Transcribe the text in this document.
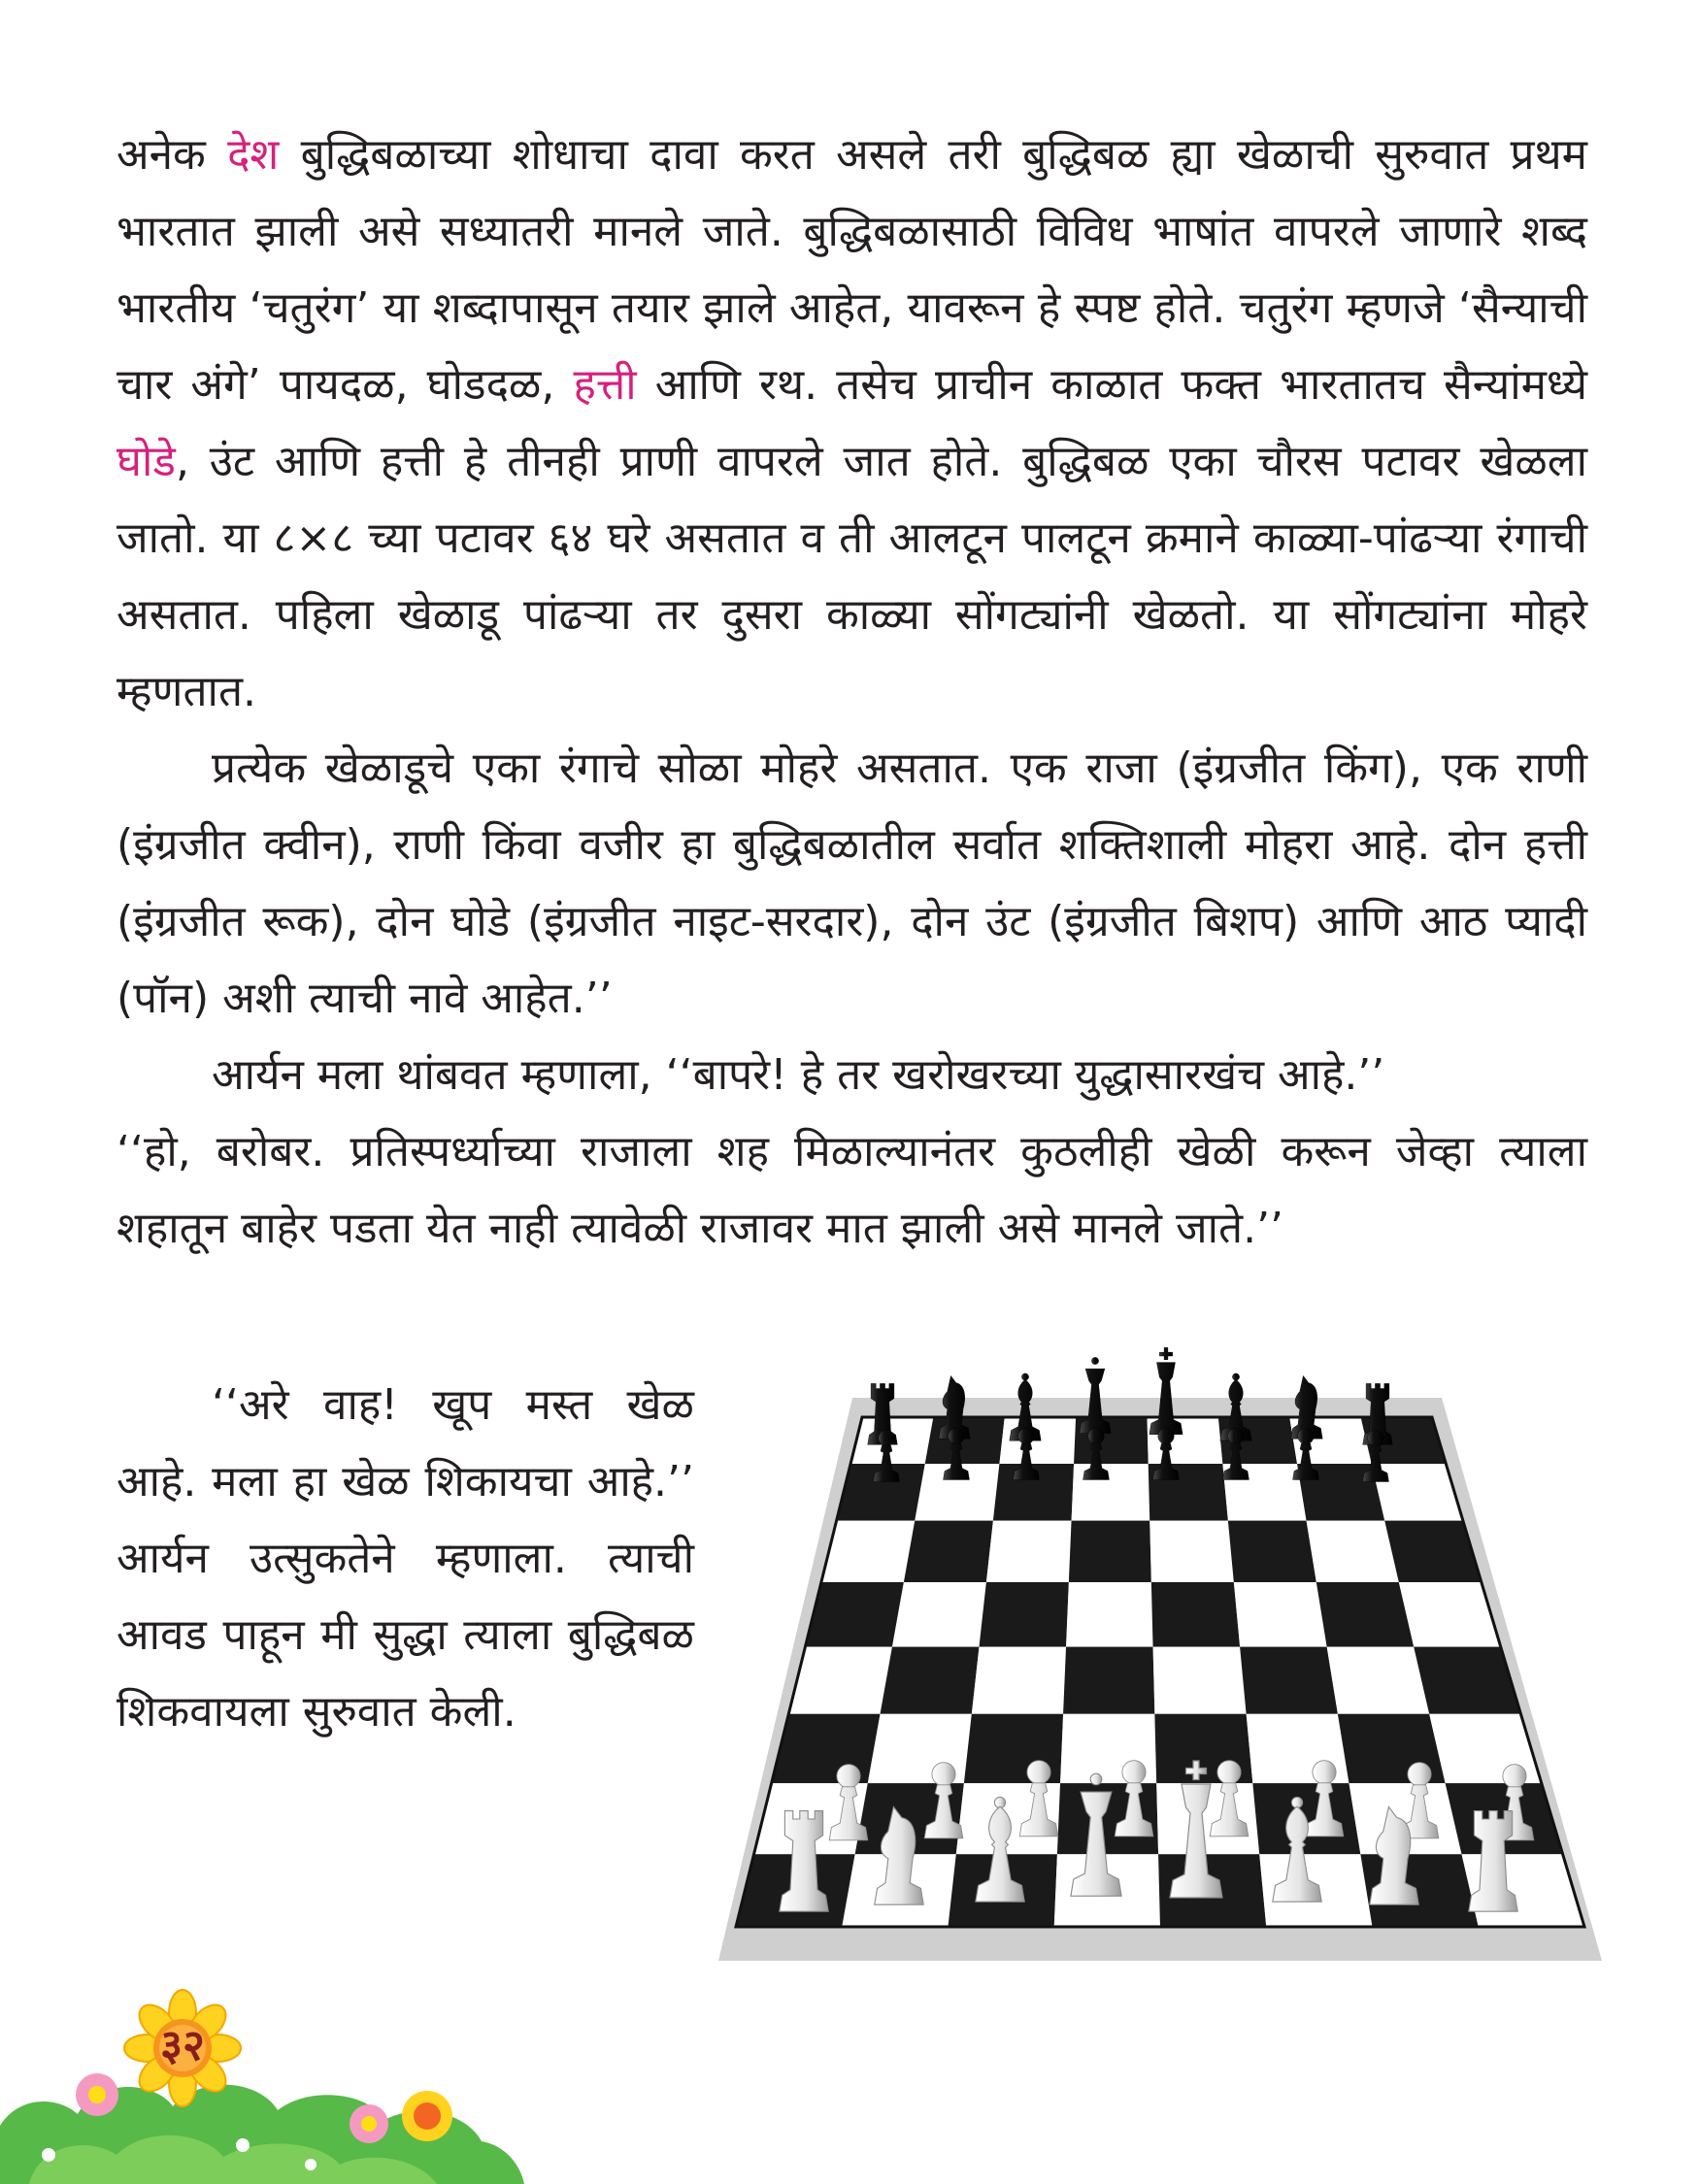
अनेक देश बुद्धिबळाच्या शोधाचा दावा करत असले तरी बुद्धिबळ ह्या खेळाची सुरुवात प्रथम भारतात झाली असे सध्यातरी मानले जाते. बुद्धिबळासाठी विविध भाषांत वापरले जाणारे शब्द भारतीय ‘चतुरंग’ या शब्दापासून तयार झाले आहेत, यावरून हे स्पष्ट होते. चतुरंग म्हणजे ‘सैन्याची चार अंगे’ पायदळ, घोडदळ, हत्ती आणि रथ. तसेच प्राचीन काळात फक्त भारतातच सैन्यांमध्ये घोडे, उंट आणि हत्ती हे तीनही प्राणी वापरले जात होते. बुद्धिबळ एका चौरस पटावर खेळला जातो. या ८×८ च्या पटावर ६४ घरे असतात व ती आलटून पालटून क्रमाने काळ्या-पांढऱ्या रंगाची असतात. पहिला खेळाडू पांढऱ्या तर दुसरा काळ्या सोंगट्यांनी खेळतो. या सोंगट्यांना मोहरे म्हणतात.

प्रत्येक खेळाडूचे एका रंगाचे सोळा मोहरे असतात. एक राजा (इंग्रजीत किंग), एक राणी (इंग्रजीत क्वीन), राणी किंवा वजीर हा बुद्धिबळातील सर्वात शक्तिशाली मोहरा आहे. दोन हत्ती (इंग्रजीत रूक), दोन घोडे (इंग्रजीत नाइट-सरदार), दोन उंट (इंग्रजीत बिशप) आणि आठ प्यादी (पॉन) अशी त्याची नावे आहेत.’’

आर्यन मला थांबवत म्हणाला, ‘‘बापरे! हे तर खरोखरच्या युद्धासारखंच आहे.’’

‘‘हो, बरोबर. प्रतिस्पर्ध्याच्या राजाला शह मिळाल्यानंतर कुठलीही खेळी करून जेव्हा त्याला शहातून बाहेर पडता येत नाही त्यावेळी राजावर मात झाली असे मानले जाते.’’

‘‘अरे वाह! खूप मस्त खेळ आहे. मला हा खेळ शिकायचा आहे.’’ आर्यन उत्सुकतेने म्हणाला. त्याची आवड पाहून मी सुद्धा त्याला बुद्धिबळ शिकवायला सुरुवात केली.

३२
